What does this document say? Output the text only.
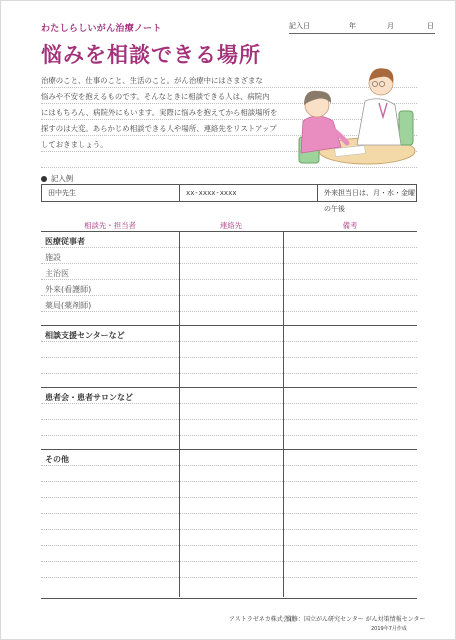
わたしらしいがん治療ノート
悩みを相談できる場所
記入日	年	月	日
治療のこと、仕事のこと、生活のこと。がん治療中にはさまざまな
悩みや不安を抱えるものです。そんなときに相談できる人は、病院内
にはもちろん、病院外にもいます。実際に悩みを抱えてから相談場所を
探すのは大変。あらかじめ相談できる人や場所、連絡先をリストアップ
しておきましょう。
記入例
田中先生	xx-xxxx-xxxx	外来担当日は、月・水・金曜の午後
相談先・担当者	連絡先	備考
医療従事者
施設
主治医
外来(看護師)
薬局(薬剤師)
相談支援センターなど
患者会・患者サロンなど
その他
アストラゼネカ株式会社
監修：国立がん研究センター がん対策情報センター
2019年7月作成
